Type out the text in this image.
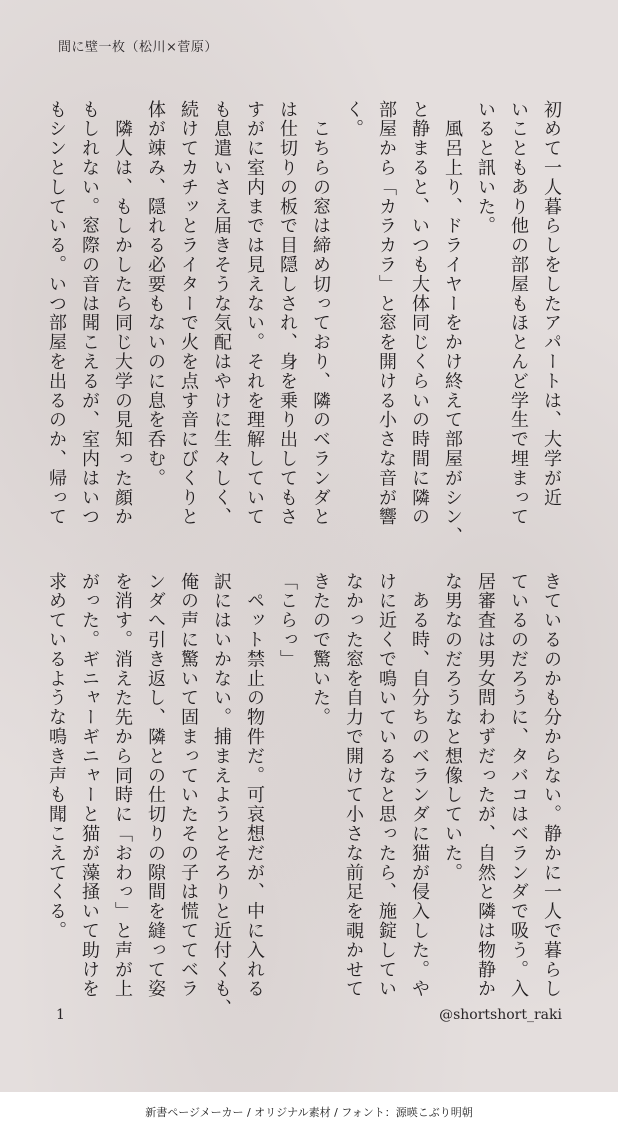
間に壁一枚（松川×菅原）
初めて一人暮らしをしたアパートは、大学が近
いこともあり他の部屋もほとんど学生で埋まって
いると訊いた。
　風呂上り、ドライヤーをかけ終えて部屋がシン、
と静まると、いつも大体同じくらいの時間に隣の
部屋から「カラカラ」と窓を開ける小さな音が響
く。
　こちらの窓は締め切っており、隣のベランダと
は仕切りの板で目隠しされ、身を乗り出してもさ
すがに室内までは見えない。それを理解していて
も息遣いさえ届きそうな気配はやけに生々しく、
続けてカチッとライターで火を点す音にびくりと
体が竦み、隠れる必要もないのに息を呑む。
　隣人は、もしかしたら同じ大学の見知った顔か
もしれない。窓際の音は聞こえるが、室内はいつ
もシンとしている。いつ部屋を出るのか、帰って
きているのかも分からない。静かに一人で暮らし
ているのだろうに、タバコはベランダで吸う。入
居審査は男女問わずだったが、自然と隣は物静か
な男なのだろうなと想像していた。
　ある時、自分ちのベランダに猫が侵入した。や
けに近くで鳴いているなと思ったら、施錠してい
なかった窓を自力で開けて小さな前足を覗かせて
きたので驚いた。
「こらっ」
　ペット禁止の物件だ。可哀想だが、中に入れる
訳にはいかない。捕まえようとそろりと近付くも、
俺の声に驚いて固まっていたその子は慌ててベラ
ンダへ引き返し、隣との仕切りの隙間を縫って姿
を消す。消えた先から同時に「おわっ」と声が上
がった。ギニャーギニャーと猫が藻掻いて助けを
求めているような鳴き声も聞こえてくる。
1	@shortshort_raki
新書ページメーカー / オリジナル素材 / フォント：源暎こぶり明朝
